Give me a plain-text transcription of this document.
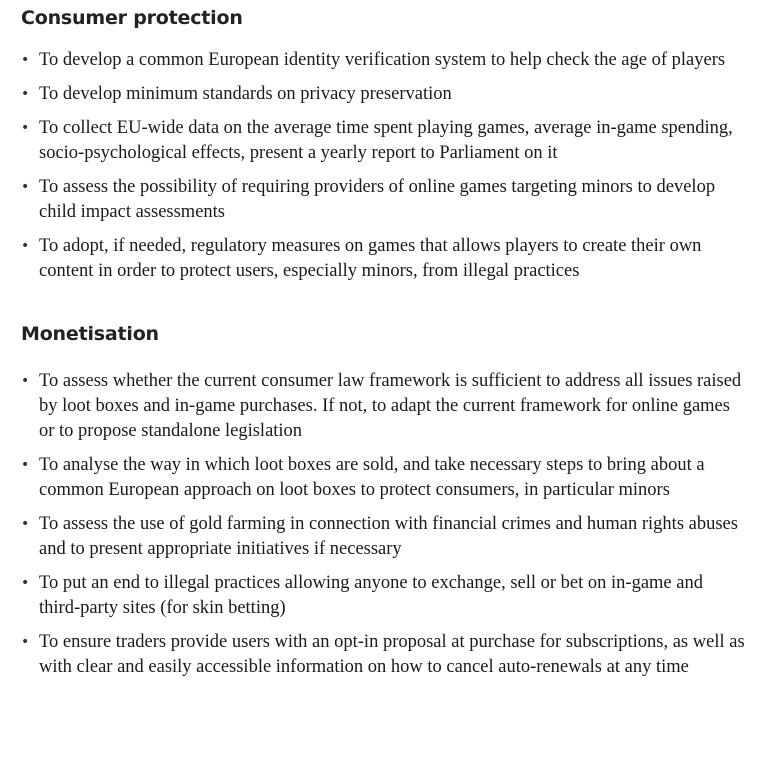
Consumer protection
• To develop a common European identity verification system to help check the age of players
• To develop minimum standards on privacy preservation
• To collect EU-wide data on the average time spent playing games, average in-game spending, socio-psychological effects, present a yearly report to Parliament on it
• To assess the possibility of requiring providers of online games targeting minors to develop child impact assessments
• To adopt, if needed, regulatory measures on games that allows players to create their own content in order to protect users, especially minors, from illegal practices
Monetisation
• To assess whether the current consumer law framework is sufficient to address all issues raised by loot boxes and in-game purchases. If not, to adapt the current framework for online games or to propose standalone legislation
• To analyse the way in which loot boxes are sold, and take necessary steps to bring about a common European approach on loot boxes to protect consumers, in particular minors
• To assess the use of gold farming in connection with financial crimes and human rights abuses and to present appropriate initiatives if necessary
• To put an end to illegal practices allowing anyone to exchange, sell or bet on in-game and third-party sites (for skin betting)
• To ensure traders provide users with an opt-in proposal at purchase for subscriptions, as well as with clear and easily accessible information on how to cancel auto-renewals at any time
